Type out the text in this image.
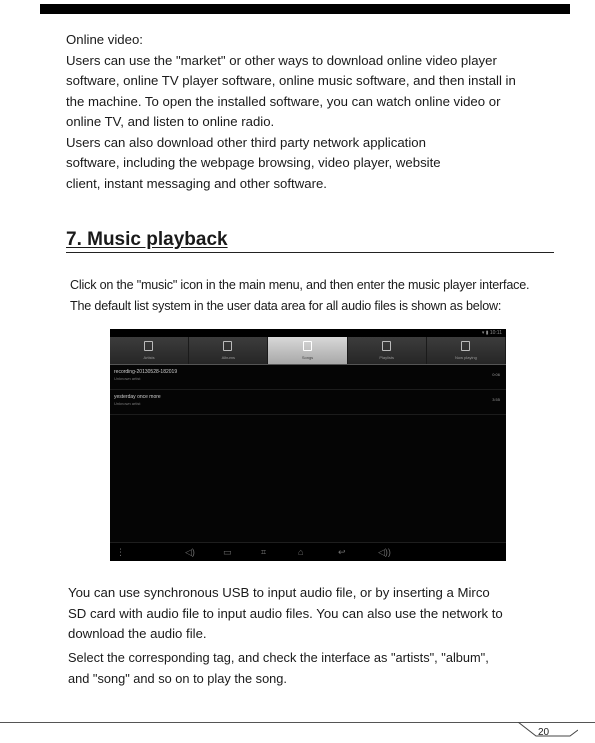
Online video:
Users can use the "market" or other ways to download online video player
software, online TV player software, online music software, and then install in
the machine. To open the installed software, you can watch online video or
online TV, and listen to online radio.
Users can also download other third party network application
software, including the webpage browsing, video player, website
client, instant messaging and other software.

7. Music playback

Click on the "music" icon in the main menu, and then enter the music player interface.
The default list system in the user data area for all audio files is shown as below:

▾ ▮ 10:11
Artists	Albums	Songs	Playlists	Now playing
recording-20130528-182019
Unknown artist
0:06
yesterday once more
Unknown artist
3:55
⋮	◁)	▭	⌗	⌂	↩	◁))

You can use synchronous USB to input audio file, or by inserting a Mirco
SD card with audio file to input audio files. You can also use the network to
download the audio file.

Select the corresponding tag, and check the interface as "artists", "album",
and "song" and so on to play the song.

20
